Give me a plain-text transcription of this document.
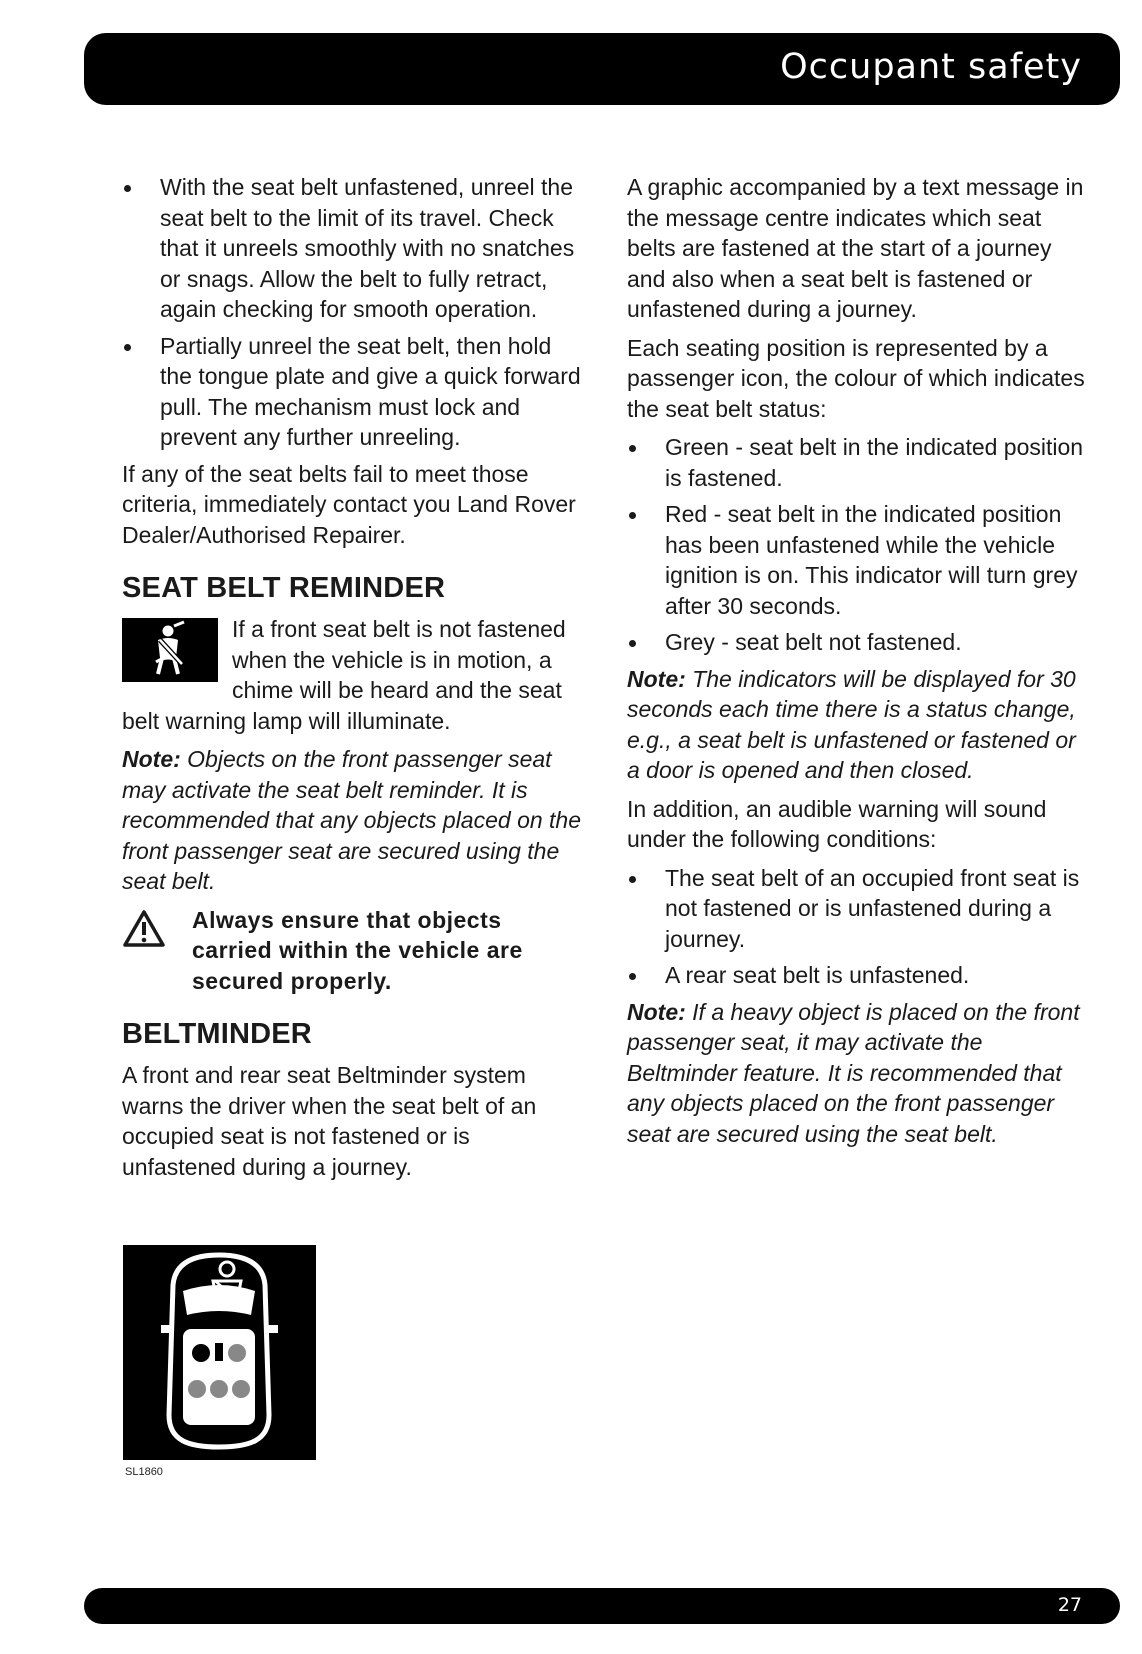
Occupant safety
With the seat belt unfastened, unreel the seat belt to the limit of its travel. Check that it unreels smoothly with no snatches or snags. Allow the belt to fully retract, again checking for smooth operation.
Partially unreel the seat belt, then hold the tongue plate and give a quick forward pull. The mechanism must lock and prevent any further unreeling.

If any of the seat belts fail to meet those criteria, immediately contact you Land Rover Dealer/Authorised Repairer.

SEAT BELT REMINDER

If a front seat belt is not fastened when the vehicle is in motion, a chime will be heard and the seat belt warning lamp will illuminate.

Note: Objects on the front passenger seat may activate the seat belt reminder. It is recommended that any objects placed on the front passenger seat are secured using the seat belt.

Always ensure that objects carried within the vehicle are secured properly.
BELTMINDER

A front and rear seat Beltminder system warns the driver when the seat belt of an occupied seat is not fastened or is unfastened during a journey.

SL1860

A graphic accompanied by a text message in the message centre indicates which seat belts are fastened at the start of a journey and also when a seat belt is fastened or unfastened during a journey.

Each seating position is represented by a passenger icon, the colour of which indicates the seat belt status:

Green - seat belt in the indicated position is fastened.
Red - seat belt in the indicated position has been unfastened while the vehicle ignition is on. This indicator will turn grey after 30 seconds.
Grey - seat belt not fastened.

Note: The indicators will be displayed for 30 seconds each time there is a status change, e.g., a seat belt is unfastened or fastened or a door is opened and then closed.

In addition, an audible warning will sound under the following conditions:

The seat belt of an occupied front seat is not fastened or is unfastened during a journey.
A rear seat belt is unfastened.

Note: If a heavy object is placed on the front passenger seat, it may activate the Beltminder feature. It is recommended that any objects placed on the front passenger seat are secured using the seat belt.

27
